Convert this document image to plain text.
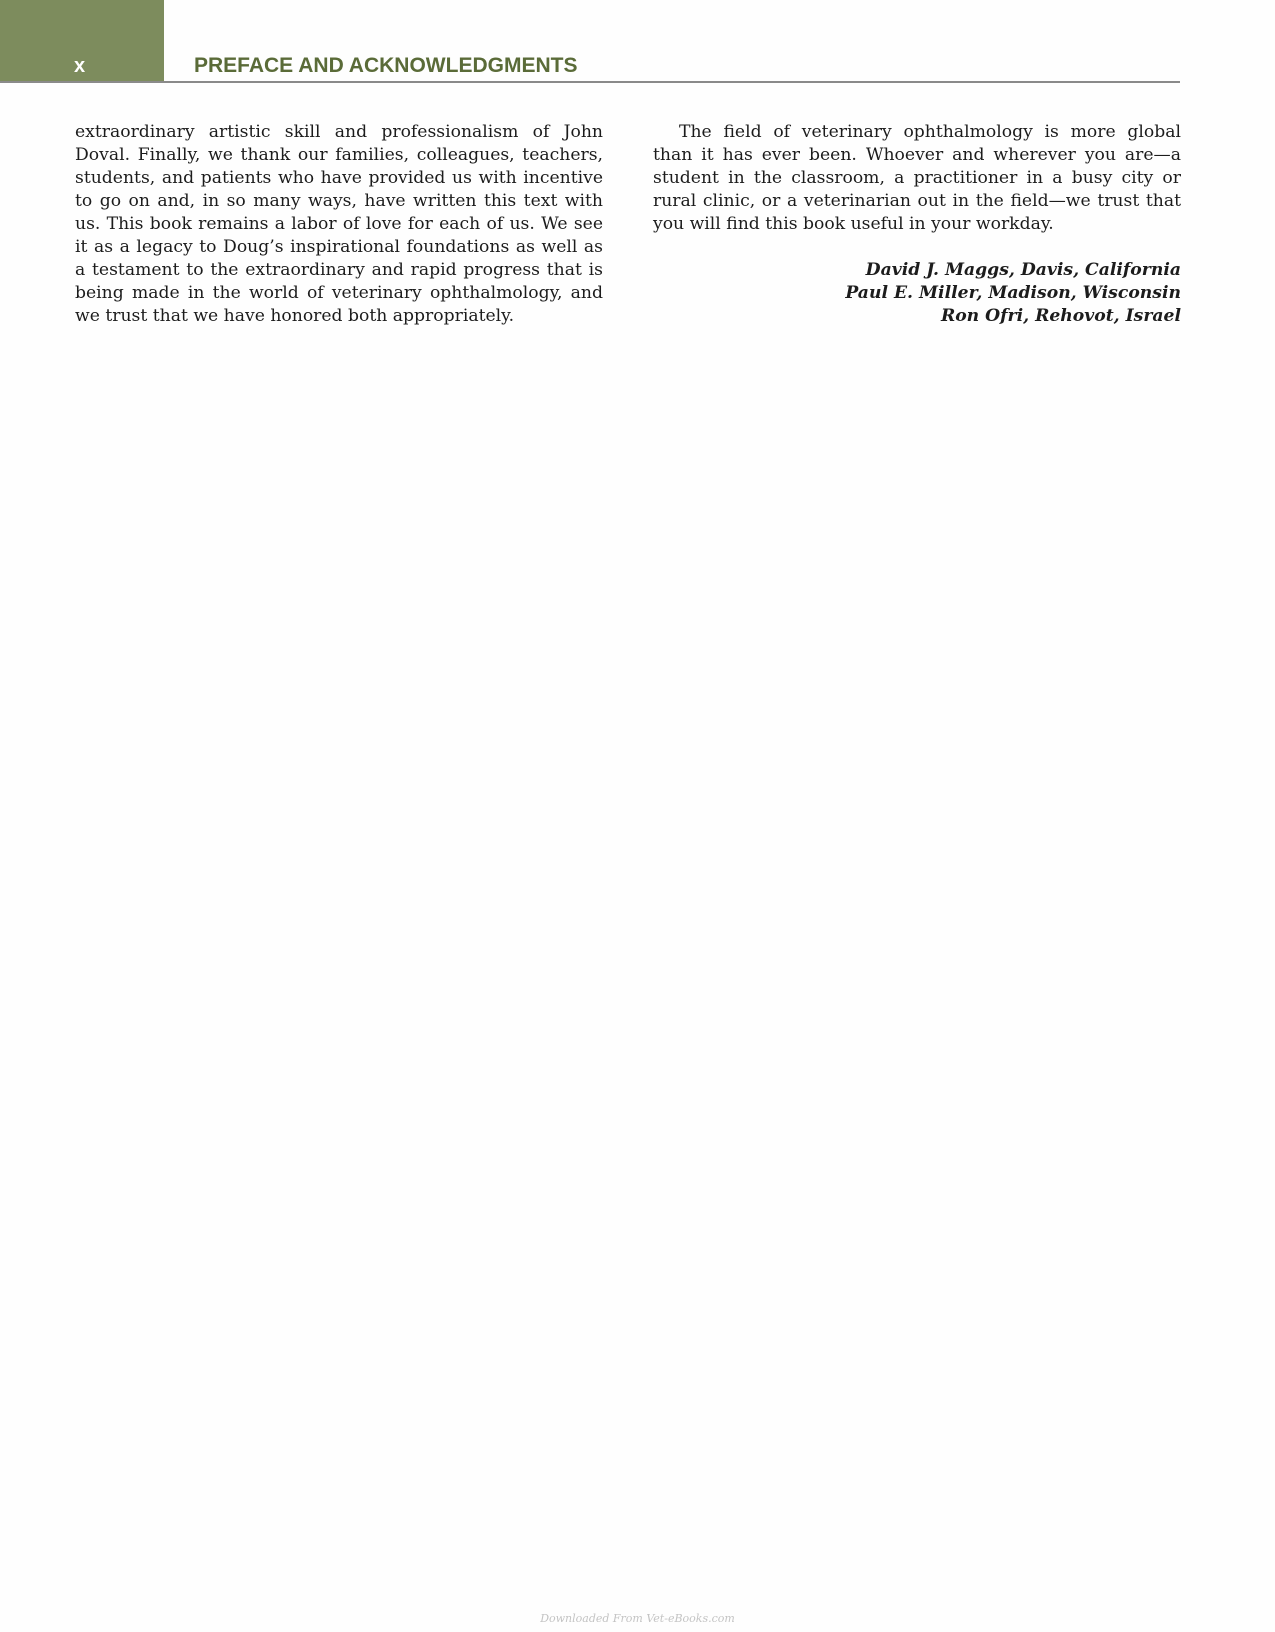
x	PREFACE AND ACKNOWLEDGMENTS

extraordinary artistic skill and professionalism of John Doval. Finally, we thank our families, colleagues, teachers, students, and patients who have provided us with incentive to go on and, in so many ways, have written this text with us. This book remains a labor of love for each of us. We see it as a legacy to Doug’s inspirational foundations as well as a testament to the extraordinary and rapid progress that is being made in the world of veterinary ophthalmology, and we trust that we have honored both appropriately.

The field of veterinary ophthalmology is more global than it has ever been. Whoever and wherever you are—a student in the classroom, a practitioner in a busy city or rural clinic, or a veterinarian out in the field—we trust that you will find this book useful in your workday.

David J. Maggs, Davis, California
Paul E. Miller, Madison, Wisconsin
Ron Ofri, Rehovot, Israel
Downloaded From Vet-eBooks.com
